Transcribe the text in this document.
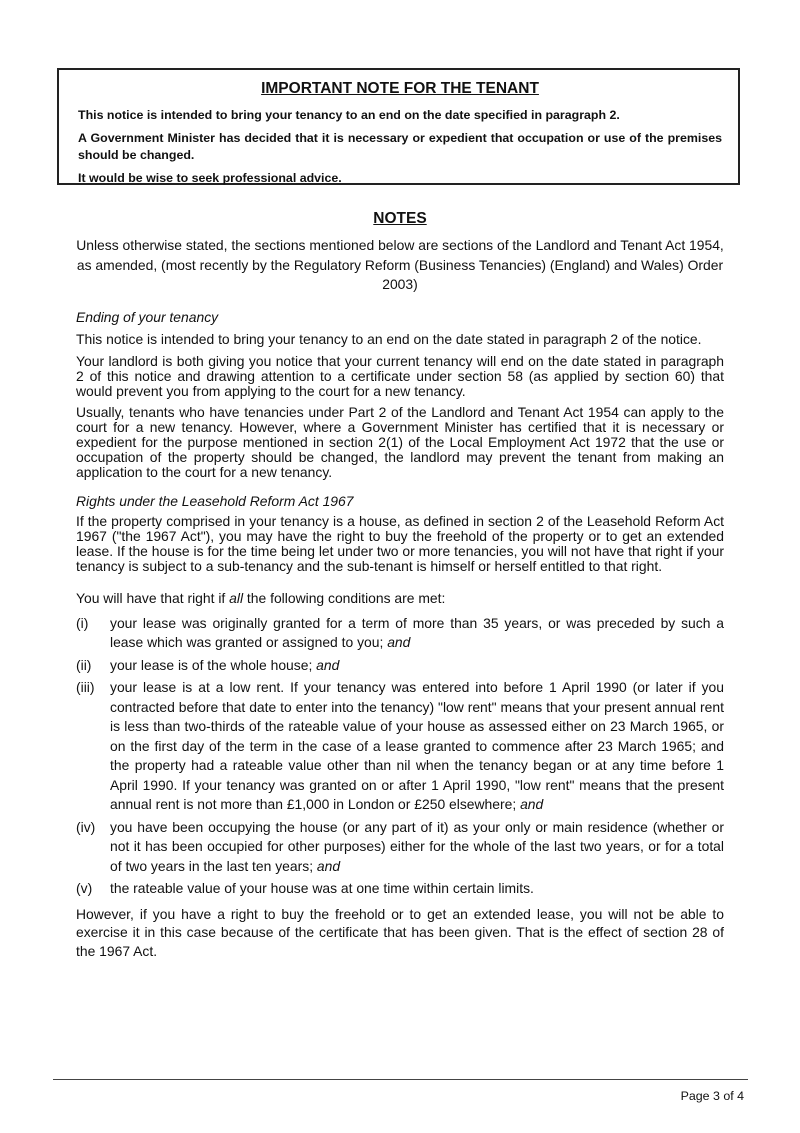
IMPORTANT NOTE FOR THE TENANT
This notice is intended to bring your tenancy to an end on the date specified in paragraph 2.
A Government Minister has decided that it is necessary or expedient that occupation or use of the premises should be changed.
It would be wise to seek professional advice.
NOTES
Unless otherwise stated, the sections mentioned below are sections of the Landlord and Tenant Act 1954, as amended, (most recently by the Regulatory Reform (Business Tenancies) (England) and Wales) Order 2003)
Ending of your tenancy

This notice is intended to bring your tenancy to an end on the date stated in paragraph 2 of the notice.

Your landlord is both giving you notice that your current tenancy will end on the date stated in paragraph 2 of this notice and drawing attention to a certificate under section 58 (as applied by section 60) that would prevent you from applying to the court for a new tenancy.

Usually, tenants who have tenancies under Part 2 of the Landlord and Tenant Act 1954 can apply to the court for a new tenancy. However, where a Government Minister has certified that it is necessary or expedient for the purpose mentioned in section 2(1) of the Local Employment Act 1972 that the use or occupation of the property should be changed, the landlord may prevent the tenant from making an application to the court for a new tenancy.

Rights under the Leasehold Reform Act 1967

If the property comprised in your tenancy is a house, as defined in section 2 of the Leasehold Reform Act 1967 ("the 1967 Act"), you may have the right to buy the freehold of the property or to get an extended lease. If the house is for the time being let under two or more tenancies, you will not have that right if your tenancy is subject to a sub-tenancy and the sub-tenant is himself or herself entitled to that right.

You will have that right if all the following conditions are met:

(i)	your lease was originally granted for a term of more than 35 years, or was preceded by such a lease which was granted or assigned to you; and
(ii)	your lease is of the whole house; and
(iii)	your lease is at a low rent. If your tenancy was entered into before 1 April 1990 (or later if you contracted before that date to enter into the tenancy) "low rent" means that your present annual rent is less than two-thirds of the rateable value of your house as assessed either on 23 March 1965, or on the first day of the term in the case of a lease granted to commence after 23 March 1965; and the property had a rateable value other than nil when the tenancy began or at any time before 1 April 1990. If your tenancy was granted on or after 1 April 1990, "low rent" means that the present annual rent is not more than £1,000 in London or £250 elsewhere; and
(iv)	you have been occupying the house (or any part of it) as your only or main residence (whether or not it has been occupied for other purposes) either for the whole of the last two years, or for a total of two years in the last ten years; and
(v)	the rateable value of your house was at one time within certain limits.

However, if you have a right to buy the freehold or to get an extended lease, you will not be able to exercise it in this case because of the certificate that has been given. That is the effect of section 28 of the 1967 Act.

Page 3 of 4
